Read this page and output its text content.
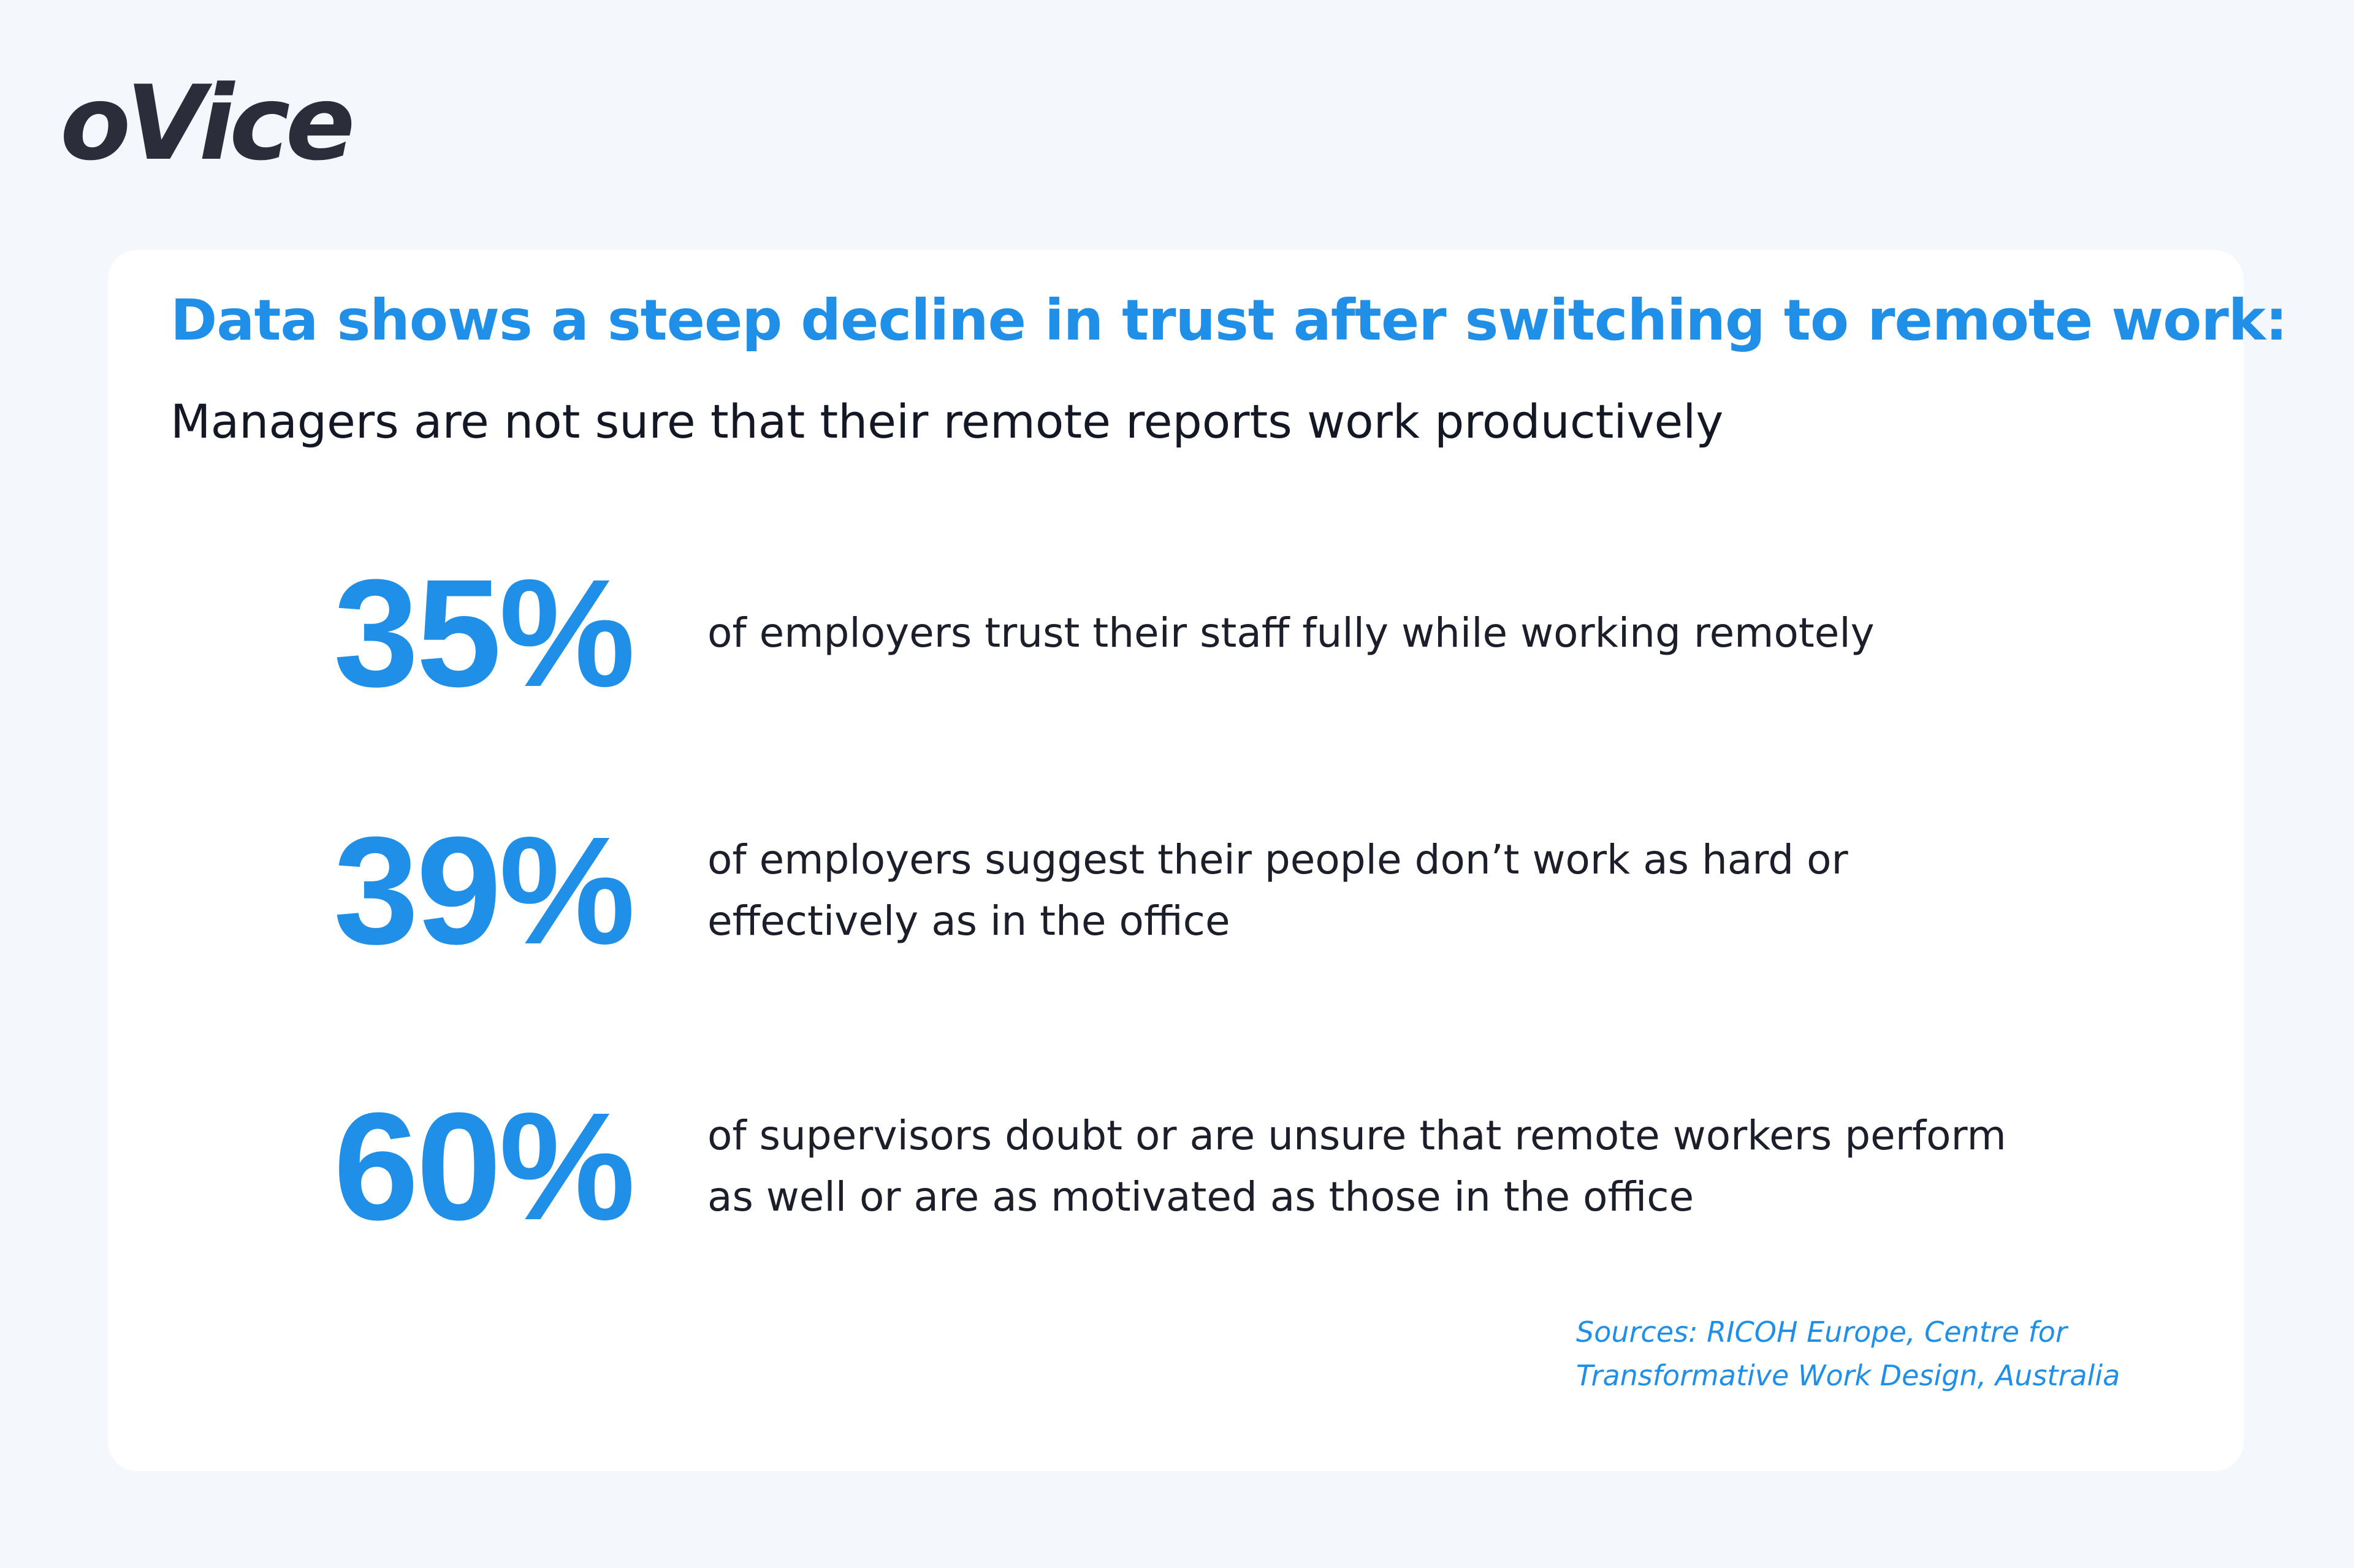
oVice
Data shows a steep decline in trust after switching to remote work:

Managers are not sure that their remote reports work productively

35%	of employers trust their staff fully while working remotely

39%	of employers suggest their people don’t work as hard or effectively as in the office

60%	of supervisors doubt or are unsure that remote workers perform as well or are as motivated as those in the office

Sources: RICOH Europe, Centre for Transformative Work Design, Australia
